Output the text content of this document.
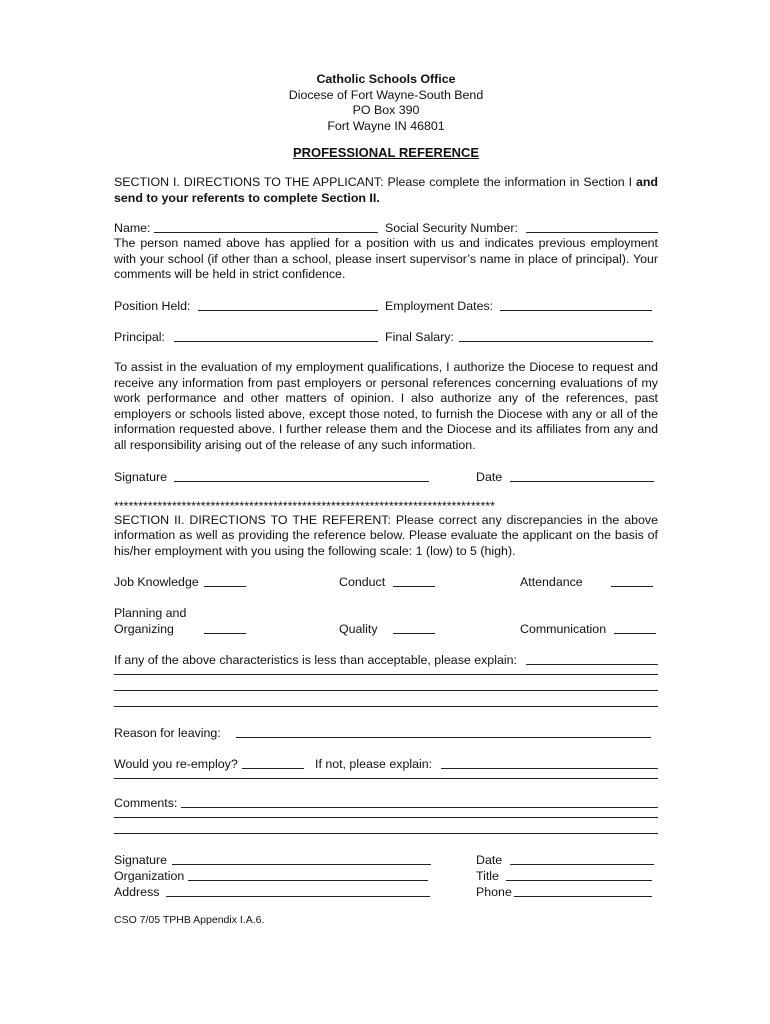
Catholic Schools Office
Diocese of Fort Wayne-South Bend
PO Box 390
Fort Wayne IN 46801
PROFESSIONAL REFERENCE
SECTION I. DIRECTIONS TO THE APPLICANT: Please complete the information in Section I and send to your referents to complete Section II.
Name:	Social Security Number:
The person named above has applied for a position with us and indicates previous employment with your school (if other than a school, please insert supervisor’s name in place of principal). Your comments will be held in strict confidence.
Position Held:	Employment Dates:
Principal:	Final Salary:
To assist in the evaluation of my employment qualifications, I authorize the Diocese to request and receive any information from past employers or personal references concerning evaluations of my work performance and other matters of opinion. I also authorize any of the references, past employers or schools listed above, except those noted, to furnish the Diocese with any or all of the information requested above. I further release them and the Diocese and its affiliates from any and all responsibility arising out of the release of any such information.
Signature	Date
*******************************************************************************
SECTION II. DIRECTIONS TO THE REFERENT: Please correct any discrepancies in the above information as well as providing the reference below. Please evaluate the applicant on the basis of his/her employment with you using the following scale: 1 (low) to 5 (high).
Job Knowledge	Conduct	Attendance
Planning and
Organizing	Quality	Communication
If any of the above characteristics is less than acceptable, please explain:
Reason for leaving:
Would you re-employ?	If not, please explain:
Comments:
Signature	Date
Organization	Title
Address	Phone
CSO 7/05 TPHB Appendix I.A.6.
